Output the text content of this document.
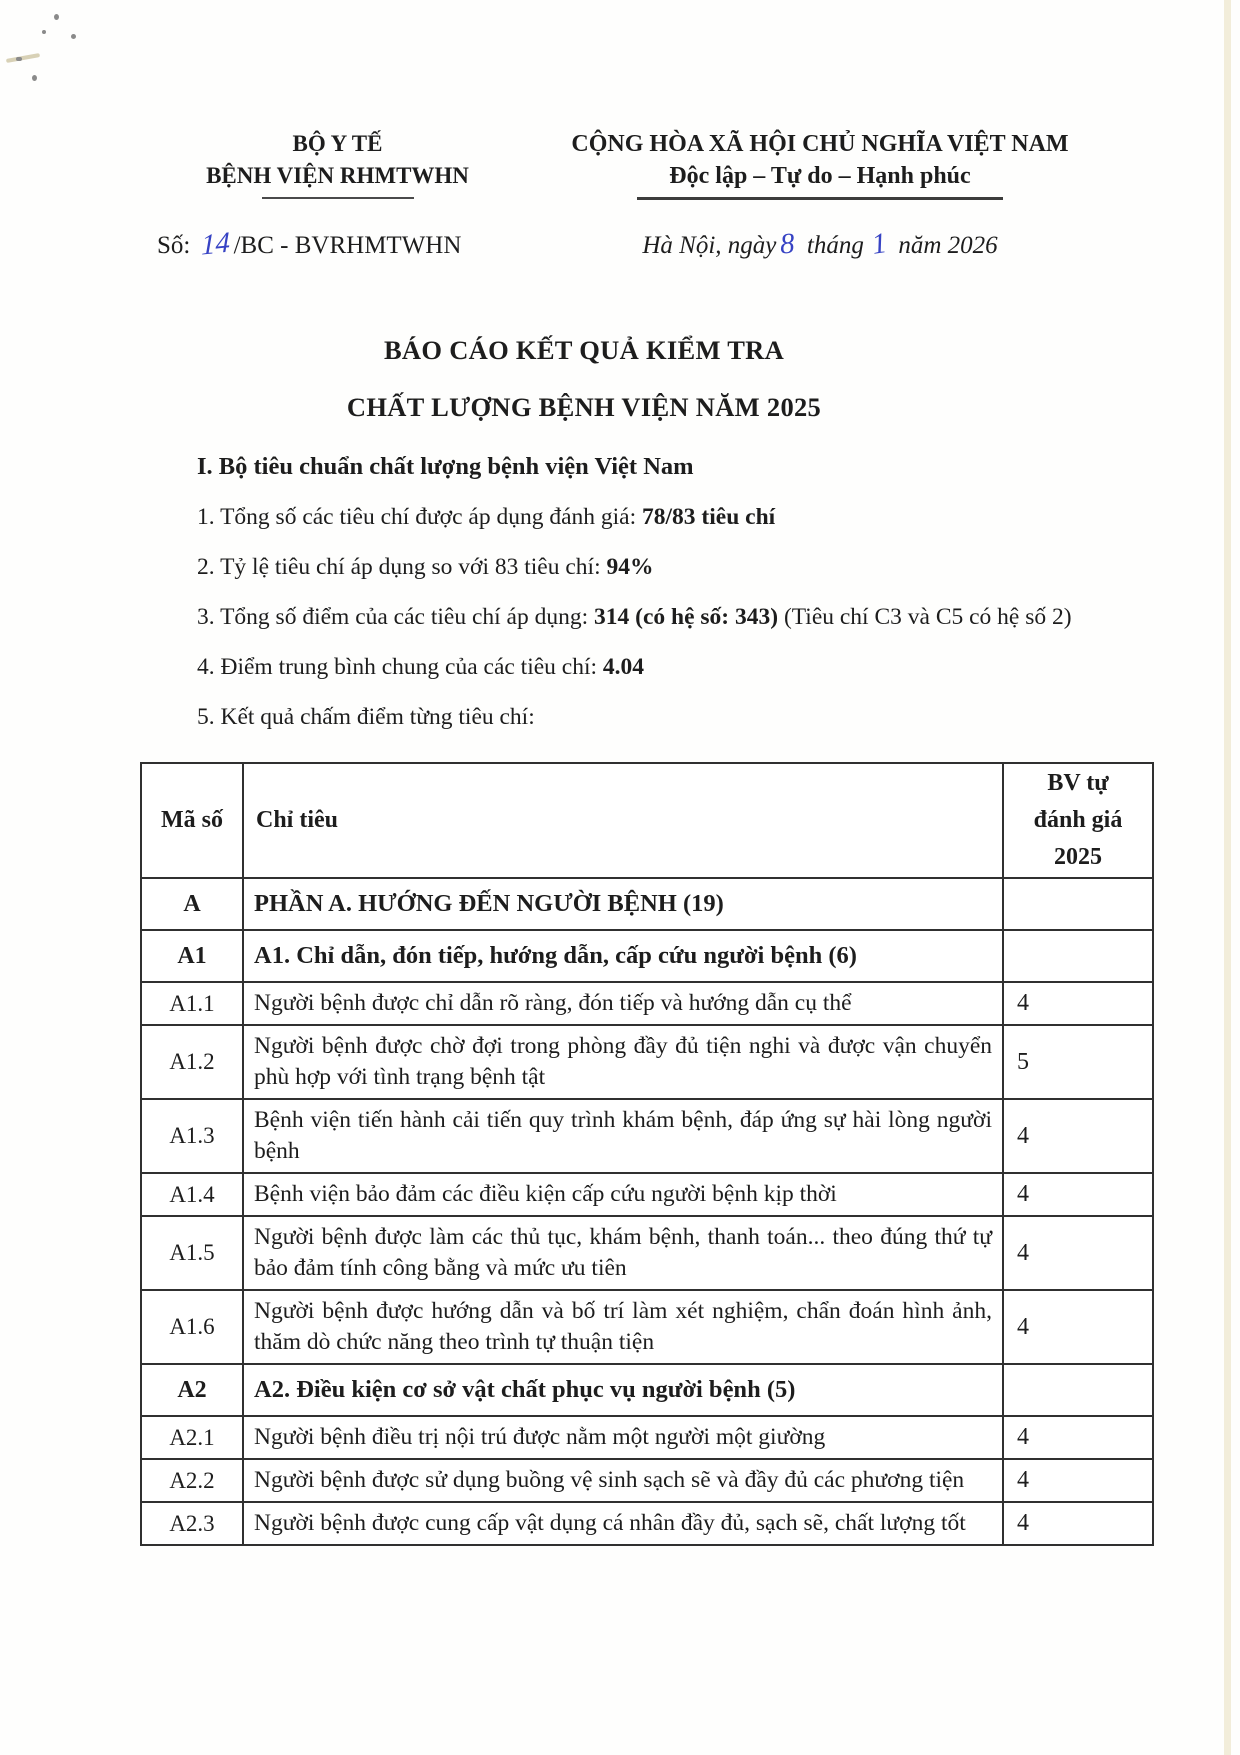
BỘ Y TẾ
BỆNH VIỆN RHMTWHN
CỘNG HÒA XÃ HỘI CHỦ NGHĨA VIỆT NAM
Độc lập – Tự do – Hạnh phúc
Số: 14 /BC - BVRHMTWHN	Hà Nội, ngày 8 tháng 1 năm 2026
BÁO CÁO KẾT QUẢ KIỂM TRA
CHẤT LƯỢNG BỆNH VIỆN NĂM 2025

I. Bộ tiêu chuẩn chất lượng bệnh viện Việt Nam

1. Tổng số các tiêu chí được áp dụng đánh giá: 78/83 tiêu chí

2. Tỷ lệ tiêu chí áp dụng so với 83 tiêu chí: 94%

3. Tổng số điểm của các tiêu chí áp dụng: 314 (có hệ số: 343) (Tiêu chí C3 và C5 có hệ số 2)

4. Điểm trung bình chung của các tiêu chí: 4.04

5. Kết quả chấm điểm từng tiêu chí:

Mã số	Chỉ tiêu	BV tự
đánh giá
2025

A	PHẦN A. HƯỚNG ĐẾN NGƯỜI BỆNH (19)	
A1	A1. Chỉ dẫn, đón tiếp, hướng dẫn, cấp cứu người bệnh (6)	
A1.1	Người bệnh được chỉ dẫn rõ ràng, đón tiếp và hướng dẫn cụ thể	4
A1.2	Người bệnh được chờ đợi trong phòng đầy đủ tiện nghi và được vận chuyển phù hợp với tình trạng bệnh tật	5
A1.3	Bệnh viện tiến hành cải tiến quy trình khám bệnh, đáp ứng sự hài lòng người bệnh	4
A1.4	Bệnh viện bảo đảm các điều kiện cấp cứu người bệnh kịp thời	4
A1.5	Người bệnh được làm các thủ tục, khám bệnh, thanh toán... theo đúng thứ tự bảo đảm tính công bằng và mức ưu tiên	4
A1.6	Người bệnh được hướng dẫn và bố trí làm xét nghiệm, chẩn đoán hình ảnh, thăm dò chức năng theo trình tự thuận tiện	4
A2	A2. Điều kiện cơ sở vật chất phục vụ người bệnh (5)	
A2.1	Người bệnh điều trị nội trú được nằm một người một giường	4
A2.2	Người bệnh được sử dụng buồng vệ sinh sạch sẽ và đầy đủ các phương tiện	4
A2.3	Người bệnh được cung cấp vật dụng cá nhân đầy đủ, sạch sẽ, chất lượng tốt	4
